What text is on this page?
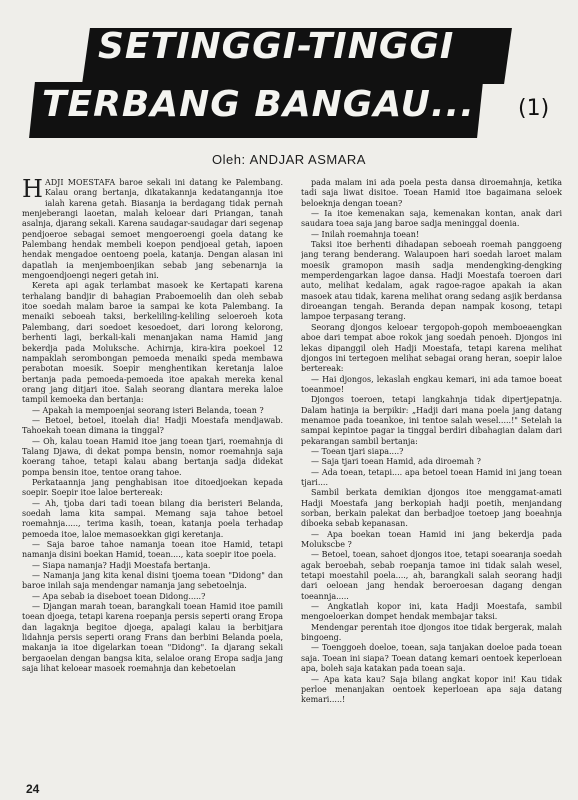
SETINGGI-TINGGI
TERBANG BANGAU... (1)
Oleh: ANDJAR ASMARA

HADJI MOESTAFA baroe sekali ini datang ke Palembang. Kalau orang bertanja, dikatakannja kedatangannja itoe ialah karena getah. Biasanja ia berdagang tidak pernah menjeberangi laoetan, malah keloear dari Priangan, tanah asalnja, djarang sekali. Karena saudagar-saudagar dari segenap pendjoeroe sebagai semoet mengoeroengi goela datang ke Palembang hendak membeli koepon pendjoeal getah, iapoen hendak mengadoe oentoeng poela, katanja. Dengan alasan ini dapatlah ia menjemboenjikan sebab jang sebenarnja ia mengoendjoengi negeri getah ini.

Kereta api agak terlambat masoek ke Kertapati karena terhalang bandjir di bahagian Praboemoelih dan oleh sebab itoe soedah malam baroe ia sampai ke kota Palembang. Ia menaiki seboeah taksi, berkeliling-keliling seloeroeh kota Palembang, dari soedoet kesoedoet, dari lorong kelorong, berhenti lagi, berkali-kali menanjakan nama Hamid jang bekerdja pada Moluksche. Achirnja, kira-kira poekoel 12 nampaklah serombongan pemoeda menaiki speda membawa perabotan moesik. Soepir menghentikan keretanja laloe bertanja pada pemoeda-pemoeda itoe apakah mereka kenal orang jang ditjari itoe. Salah seorang diantara mereka laloe tampil kemoeka dan bertanja:

— Apakah ia mempoenjai seorang isteri Belanda, toean ?

— Betoel, betoel, itoelah dia! Hadji Moestafa mendjawab. Tahoekah toean dimana ia tinggal?

— Oh, kalau toean Hamid itoe jang toean tjari, roemahnja di Talang Djawa, di dekat pompa bensin, nomor roemahnja saja koerang tahoe, tetapi kalau abang bertanja sadja didekat pompa bensin itoe, tentoe orang tahoe.

Perkataannja jang penghabisan itoe ditoedjoekan kepada soepir. Soepir itoe laloe bertereak:

— Ah, tjoba dari tadi toean bilang dia beristeri Belanda, soedah lama kita sampai. Memang saja tahoe betoel roemahnja....., terima kasih, toean, katanja poela terhadap pemoeda itoe, laloe memasoekkan gigi keretanja.

— Saja baroe tahoe namanja toean itoe Hamid, tetapi namanja disini boekan Hamid, toean...., kata soepir itoe poela.

— Siapa namanja? Hadji Moestafa bertanja.

— Namanja jang kita kenal disini tjoema toean "Didong" dan baroe inilah saja mendengar namanja jang sebetoelnja.

— Apa sebab ia diseboet toean Didong.....?

— Djangan marah toean, barangkali toean Hamid itoe pamili toean djoega, tetapi karena roepanja persis seperti orang Eropa dan lagaknja begitoe djoega, apalagi kalau ia berbitjara lidahnja persis seperti orang Frans dan berbini Belanda poela, makanja ia itoe digelarkan toean "Didong". Ia djarang sekali bergaoelan dengan bangsa kita, selaloe orang Eropa sadja jang saja lihat keloear masoek roemahnja dan kebetoelan

pada malam ini ada poela pesta dansa diroemahnja, ketika tadi saja liwat disitoe. Toean Hamid itoe bagaimana seloek beloeknja dengan toean?

— Ia itoe kemenakan saja, kemenakan kontan, anak dari saudara toea saja jang baroe sadja meninggal doenia.

— Inilah roemahnja toean!

Taksi itoe berhenti dihadapan seboeah roemah panggoeng jang terang benderang. Walaupoen hari soedah laroet malam moesik gramopon masih sadja mendengking-dengking memperdengarkan lagoe dansa. Hadji Moestafa toeroen dari auto, melihat kedalam, agak ragoe-ragoe apakah ia akan masoek atau tidak, karena melihat orang sedang asjik berdansa diroeangan tengah. Beranda depan nampak kosong, tetapi lampoe terpasang terang.

Seorang djongos keloear tergopoh-gopoh memboeaengkan aboe dari tempat aboe rokok jang soedah penoeh. Djongos ini lekas dipanggil oleh Hadji Moestafa, tetapi karena melihat djongos ini tertegoen melihat sebagai orang heran, soepir laloe bertereak:

— Hai djongos, lekaslah engkau kemari, ini ada tamoe boeat toeanmoe!

Djongos toeroen, tetapi langkahnja tidak dipertjepatnja. Dalam hatinja ia berpikir: „Hadji dari mana poela jang datang menamoe pada toeankoe, ini tentoe salah wesel.....!" Setelah ia sampai kepintoe pagar ia tinggal berdiri dibahagian dalam dari pekarangan sambil bertanja:

— Toean tjari siapa....?

— Saja tjari toean Hamid, ada diroemah ?

— Ada toean, tetapi.... apa betoel toean Hamid ini jang toean tjari....

Sambil berkata demikian djongos itoe menggamat-amati Hadji Moestafa jang berkopiah hadji poetih, menjandang sorban, berkain palekat dan berbadjoe toetoep jang boeahnja diboeka sebab kepanasan.

— Apa boekan toean Hamid ini jang bekerdja pada Molukscbe ?

— Betoel, toean, sahoet djongos itoe, tetapi soearanja soedah agak beroebah, sebab roepanja tamoe ini tidak salah wesel, tetapi moestahil poela...., ah, barangkali salah seorang hadji dari oeloean jang hendak beroeroesan dagang dengan toeannja.....

— Angkatlah kopor ini, kata Hadji Moestafa, sambil mengoeloerkan dompet hendak membajar taksi.

Mendengar perentah itoe djongos itoe tidak bergerak, malah bingoeng.

— Toenggoeh doeloe, toean, saja tanjakan doeloe pada toean saja. Toean ini siapa? Toean datang kemari oentoek keperloean apa, boleh saja katakan pada toean saja.

— Apa kata kau? Saja bilang angkat kopor ini! Kau tidak perloe menanjakan oentoek keperloean apa saja datang kemari.....!

24
